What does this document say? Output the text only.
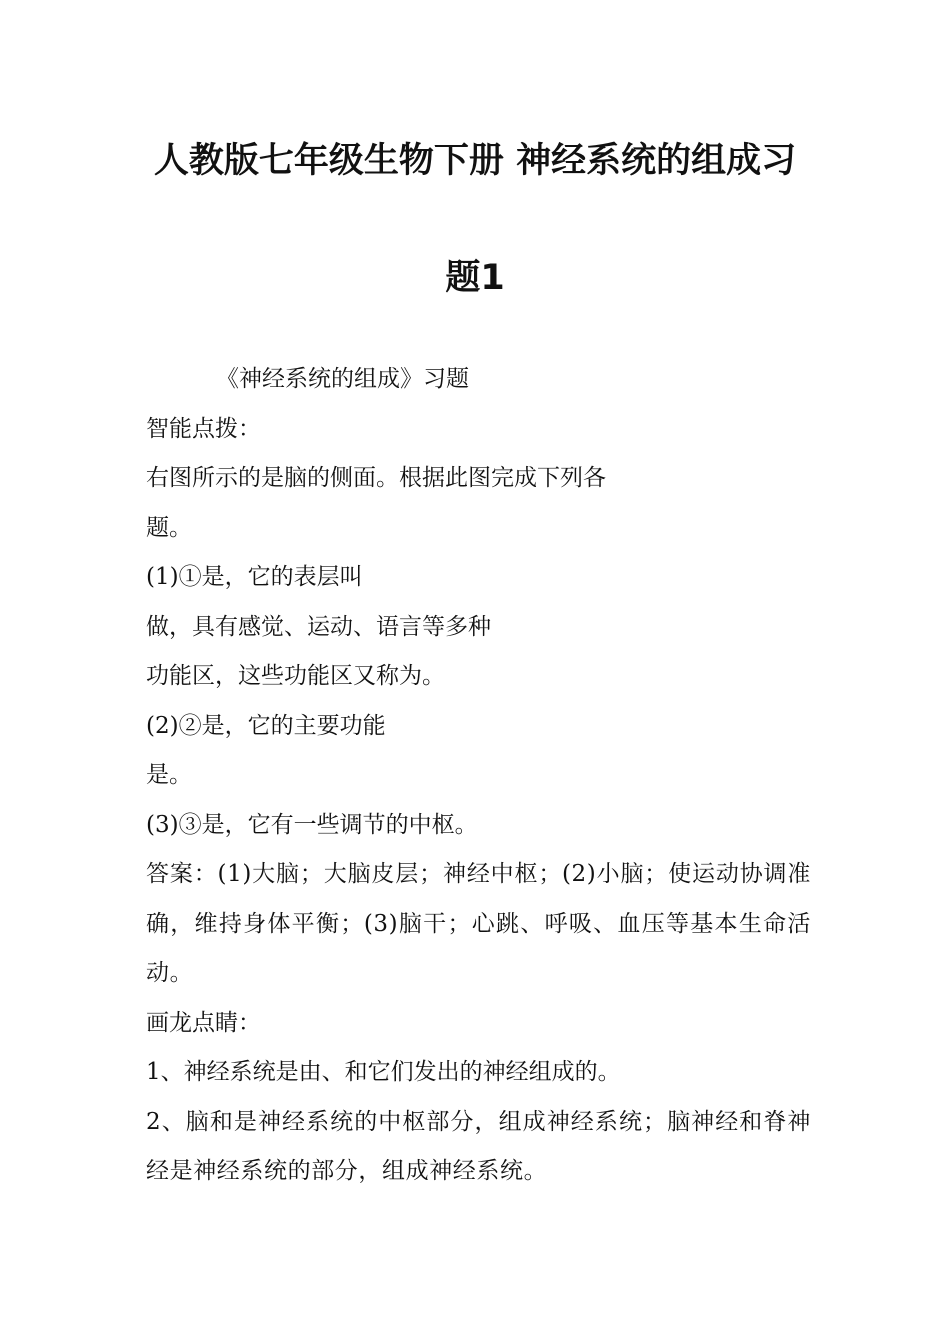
人教版七年级生物下册 神经系统的组成习
题1

《神经系统的组成》习题

智能点拨：

右图所示的是脑的侧面。根据此图完成下列各

题。

(1)①是，它的表层叫

做，具有感觉、运动、语言等多种

功能区，这些功能区又称为。

(2)②是，它的主要功能

是。

(3)③是，它有一些调节的中枢。

答案：(1)大脑；大脑皮层；神经中枢；(2)小脑；使运动协调准确，维持身体平衡；(3)脑干；心跳、呼吸、血压等基本生命活动。

画龙点睛：

1、神经系统是由、和它们发出的神经组成的。

2、脑和是神经系统的中枢部分，组成神经系统；脑神经和脊神经是神经系统的部分，组成神经系统。
